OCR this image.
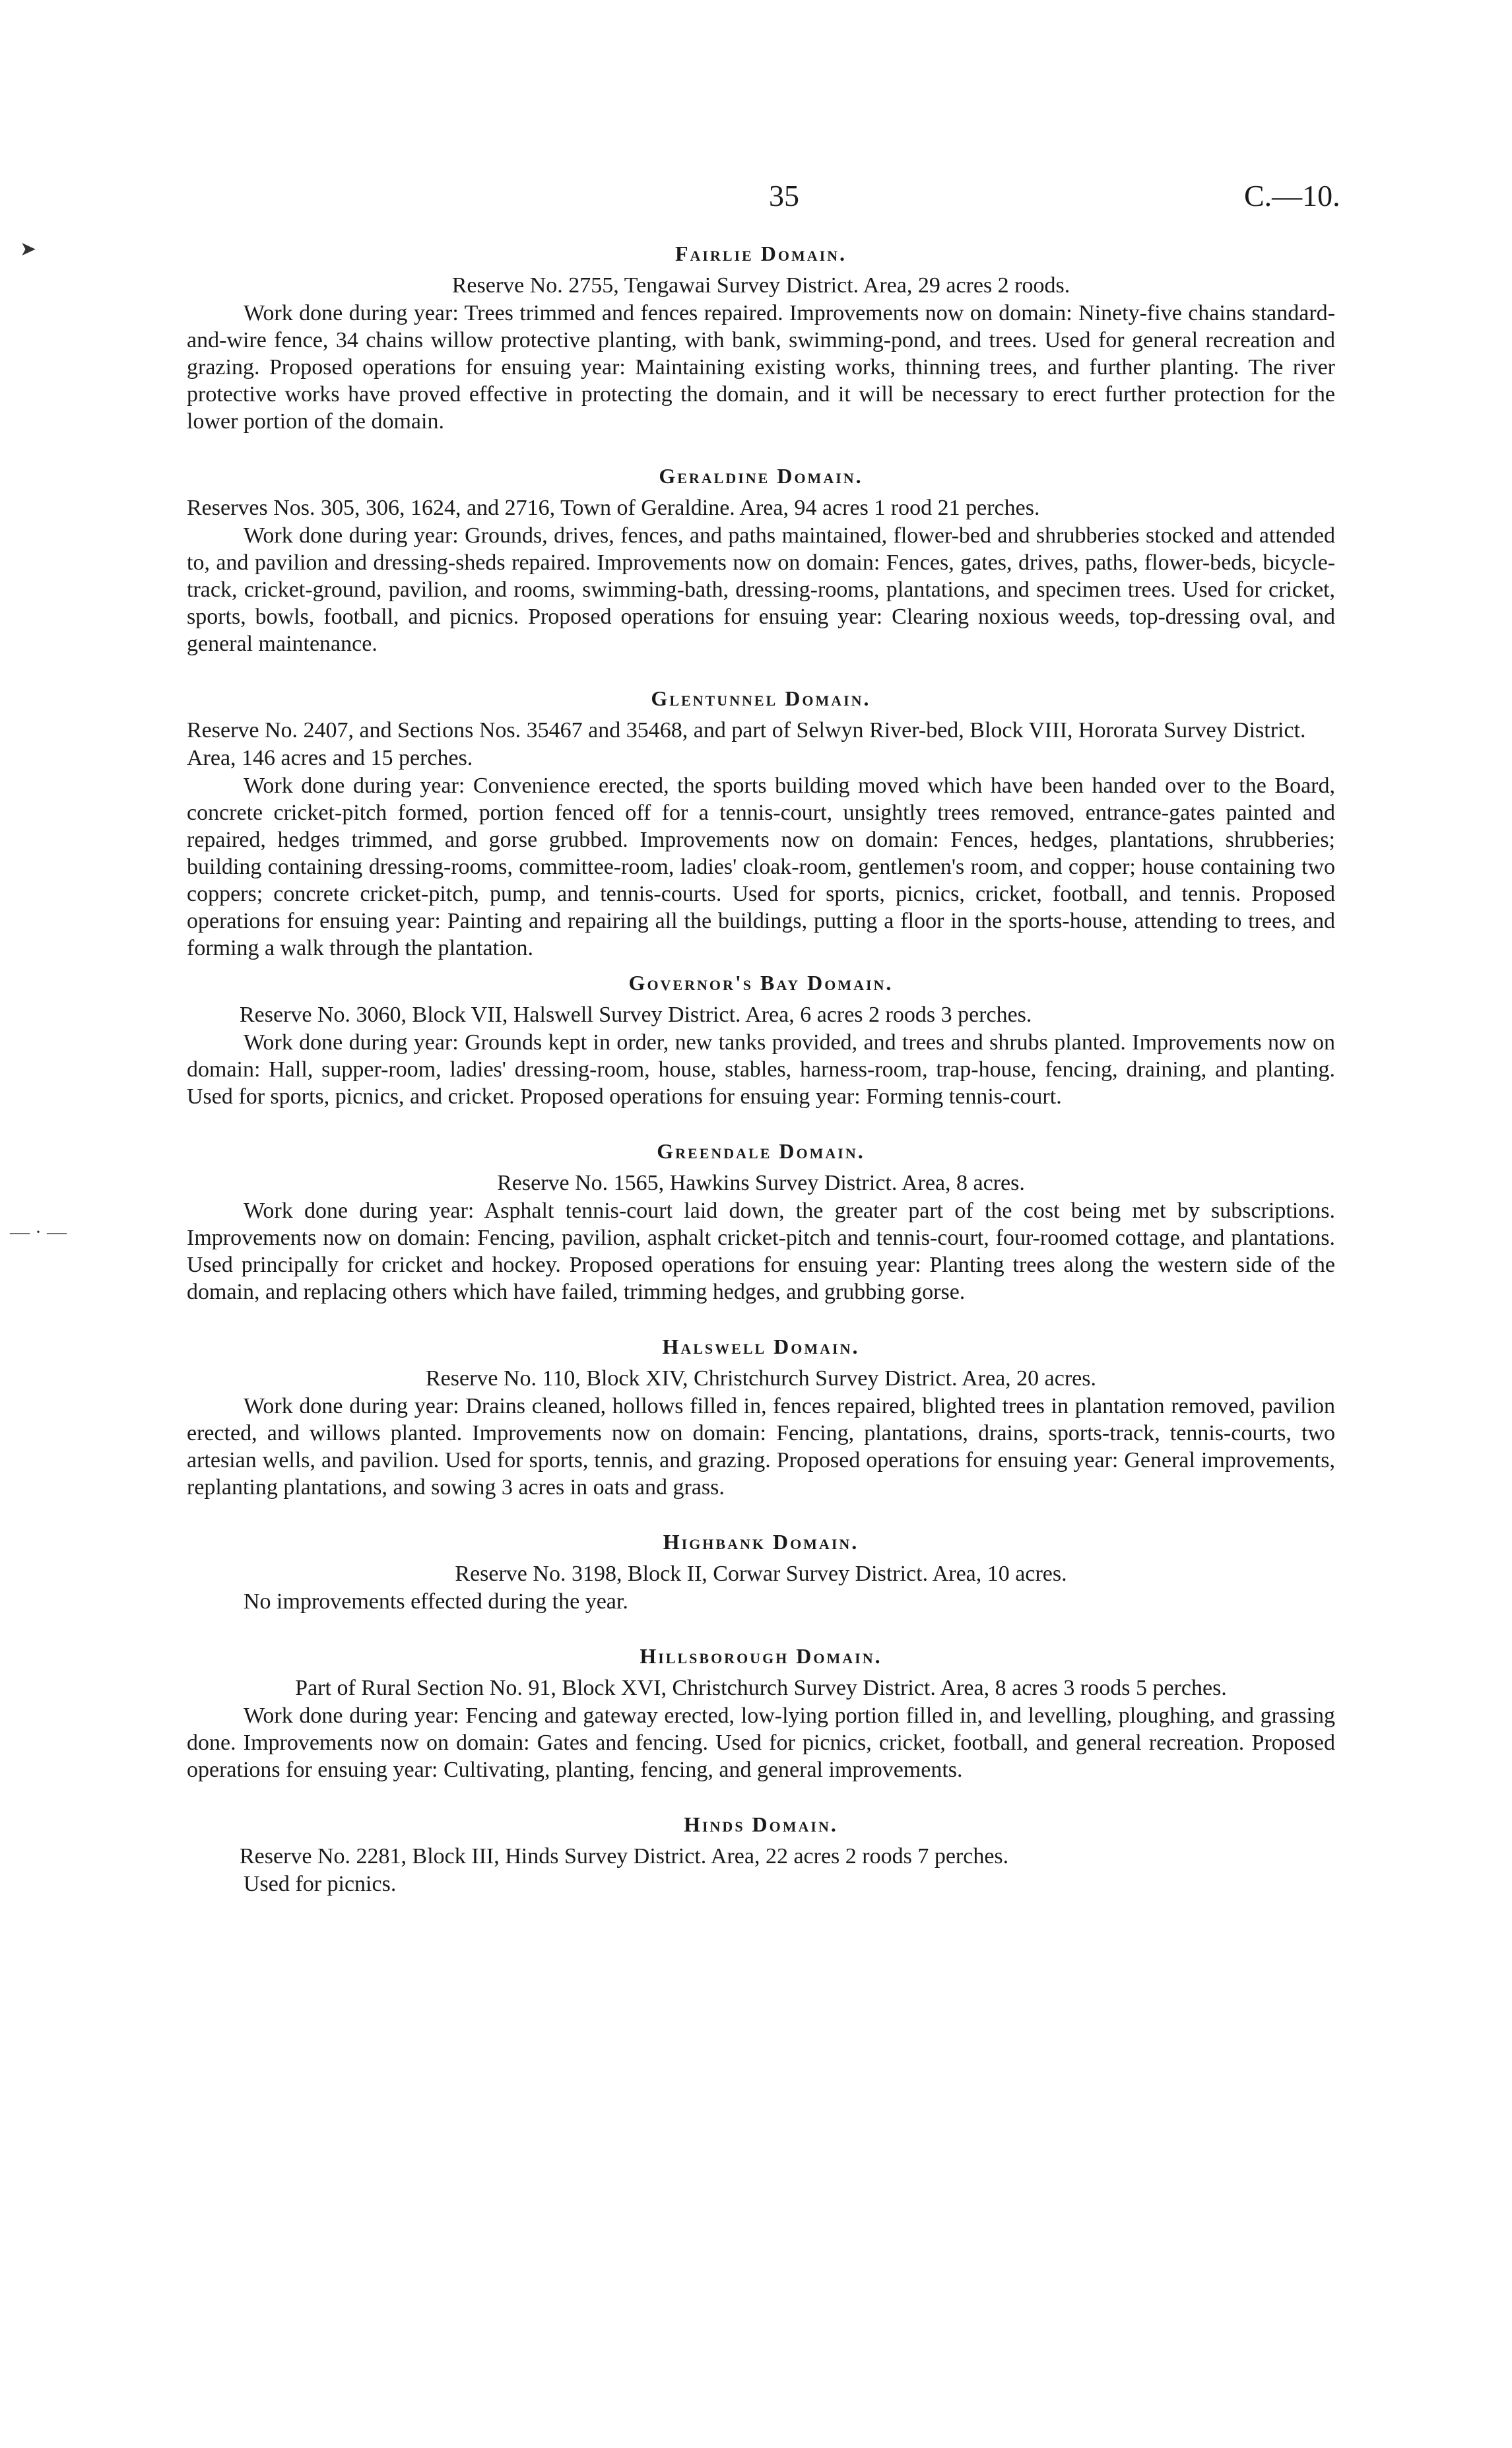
35	C.—10.
Fairlie Domain.

Reserve No. 2755, Tengawai Survey District. Area, 29 acres 2 roods.

Work done during year: Trees trimmed and fences repaired. Improvements now on domain: Ninety-five chains standard-and-wire fence, 34 chains willow protective planting, with bank, swimming-pond, and trees. Used for general recreation and grazing. Proposed operations for ensuing year: Maintaining existing works, thinning trees, and further planting. The river protective works have proved effective in protecting the domain, and it will be necessary to erect further protection for the lower portion of the domain.

Geraldine Domain.

Reserves Nos. 305, 306, 1624, and 2716, Town of Geraldine. Area, 94 acres 1 rood 21 perches.

Work done during year: Grounds, drives, fences, and paths maintained, flower-bed and shrubberies stocked and attended to, and pavilion and dressing-sheds repaired. Improvements now on domain: Fences, gates, drives, paths, flower-beds, bicycle-track, cricket-ground, pavilion, and rooms, swimming-bath, dressing-rooms, plantations, and specimen trees. Used for cricket, sports, bowls, football, and picnics. Proposed operations for ensuing year: Clearing noxious weeds, top-dressing oval, and general maintenance.

Glentunnel Domain.

Reserve No. 2407, and Sections Nos. 35467 and 35468, and part of Selwyn River-bed, Block VIII, Hororata Survey District. Area, 146 acres and 15 perches.

Work done during year: Convenience erected, the sports building moved which have been handed over to the Board, concrete cricket-pitch formed, portion fenced off for a tennis-court, unsightly trees removed, entrance-gates painted and repaired, hedges trimmed, and gorse grubbed. Improvements now on domain: Fences, hedges, plantations, shrubberies; building containing dressing-rooms, committee-room, ladies' cloak-room, gentlemen's room, and copper; house containing two coppers; concrete cricket-pitch, pump, and tennis-courts. Used for sports, picnics, cricket, football, and tennis. Proposed operations for ensuing year: Painting and repairing all the buildings, putting a floor in the sports-house, attending to trees, and forming a walk through the plantation.

Governor's Bay Domain.

Reserve No. 3060, Block VII, Halswell Survey District. Area, 6 acres 2 roods 3 perches.

Work done during year: Grounds kept in order, new tanks provided, and trees and shrubs planted. Improvements now on domain: Hall, supper-room, ladies' dressing-room, house, stables, harness-room, trap-house, fencing, draining, and planting. Used for sports, picnics, and cricket. Proposed operations for ensuing year: Forming tennis-court.

Greendale Domain.

Reserve No. 1565, Hawkins Survey District. Area, 8 acres.

Work done during year: Asphalt tennis-court laid down, the greater part of the cost being met by subscriptions. Improvements now on domain: Fencing, pavilion, asphalt cricket-pitch and tennis-court, four-roomed cottage, and plantations. Used principally for cricket and hockey. Proposed operations for ensuing year: Planting trees along the western side of the domain, and replacing others which have failed, trimming hedges, and grubbing gorse.

Halswell Domain.

Reserve No. 110, Block XIV, Christchurch Survey District. Area, 20 acres.

Work done during year: Drains cleaned, hollows filled in, fences repaired, blighted trees in plantation removed, pavilion erected, and willows planted. Improvements now on domain: Fencing, plantations, drains, sports-track, tennis-courts, two artesian wells, and pavilion. Used for sports, tennis, and grazing. Proposed operations for ensuing year: General improvements, replanting plantations, and sowing 3 acres in oats and grass.

Highbank Domain.

Reserve No. 3198, Block II, Corwar Survey District. Area, 10 acres.

No improvements effected during the year.

Hillsborough Domain.

Part of Rural Section No. 91, Block XVI, Christchurch Survey District. Area, 8 acres 3 roods 5 perches.

Work done during year: Fencing and gateway erected, low-lying portion filled in, and levelling, ploughing, and grassing done. Improvements now on domain: Gates and fencing. Used for picnics, cricket, football, and general recreation. Proposed operations for ensuing year: Cultivating, planting, fencing, and general improvements.

Hinds Domain.

Reserve No. 2281, Block III, Hinds Survey District. Area, 22 acres 2 roods 7 perches.

Used for picnics.

➤
—·—
